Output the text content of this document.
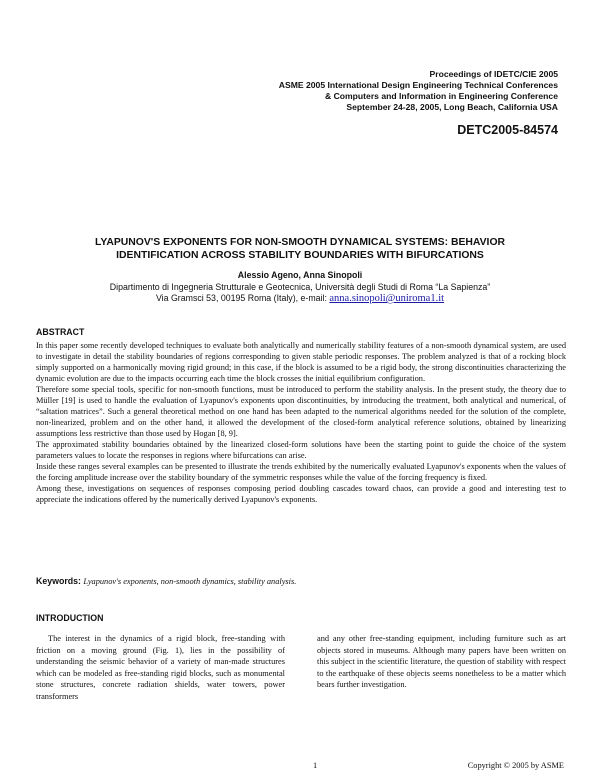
Proceedings of IDETC/CIE 2005
ASME 2005 International Design Engineering Technical Conferences
& Computers and Information in Engineering Conference
September 24-28, 2005, Long Beach, California USA
DETC2005-84574
LYAPUNOV'S EXPONENTS FOR NON-SMOOTH DYNAMICAL SYSTEMS: BEHAVIOR
IDENTIFICATION ACROSS STABILITY BOUNDARIES WITH BIFURCATIONS
Alessio Ageno, Anna Sinopoli
Dipartimento di Ingegneria Strutturale e Geotecnica, Università degli Studi di Roma “La Sapienza”
Via Gramsci 53, 00195 Roma (Italy), e-mail: anna.sinopoli@uniroma1.it
ABSTRACT

In this paper some recently developed techniques to evaluate both analytically and numerically stability features of a non-smooth dynamical system, are used to investigate in detail the stability boundaries of regions corresponding to given stable periodic responses. The problem analyzed is that of a rocking block simply supported on a harmonically moving rigid ground; in this case, if the block is assumed to be a rigid body, the strong discontinuities characterizing the dynamic evolution are due to the impacts occurring each time the block crosses the initial equilibrium configuration.

Therefore some special tools, specific for non-smooth functions, must be introduced to perform the stability analysis. In the present study, the theory due to Müller [19] is used to handle the evaluation of Lyapunov's exponents upon discontinuities, by introducing the treatment, both analytical and numerical, of “saltation matrices”. Such a general theoretical method on one hand has been adapted to the numerical algorithms needed for the solution of the complete, non-linearized, problem and on the other hand, it allowed the development of the closed-form analytical reference solutions, obtained by linearizing assumptions less restrictive than those used by Hogan [8, 9].

The approximated stability boundaries obtained by the linearized closed-form solutions have been the starting point to guide the choice of the system parameters values to locate the responses in regions where bifurcations can arise.

Inside these ranges several examples can be presented to illustrate the trends exhibited by the numerically evaluated Lyapunov's exponents when the values of the forcing amplitude increase over the stability boundary of the symmetric responses while the value of the forcing frequency is fixed.

Among these, investigations on sequences of responses composing period doubling cascades toward chaos, can provide a good and interesting test to appreciate the indications offered by the numerically derived Lyapunov's exponents.

Keywords: Lyapunov's exponents, non-smooth dynamics, stability analysis.
INTRODUCTION

The interest in the dynamics of a rigid block, free-standing with friction on a moving ground (Fig. 1), lies in the possibility of understanding the seismic behavior of a variety of man-made structures which can be modeled as free-standing rigid blocks, such as monumental stone structures, concrete radiation shields, water towers, power transformers

and any other free-standing equipment, including furniture such as art objects stored in museums. Although many papers have been written on this subject in the scientific literature, the question of stability with respect to the earthquake of these objects seems nonetheless to be a matter which bears further investigation.

1	Copyright © 2005 by ASME
